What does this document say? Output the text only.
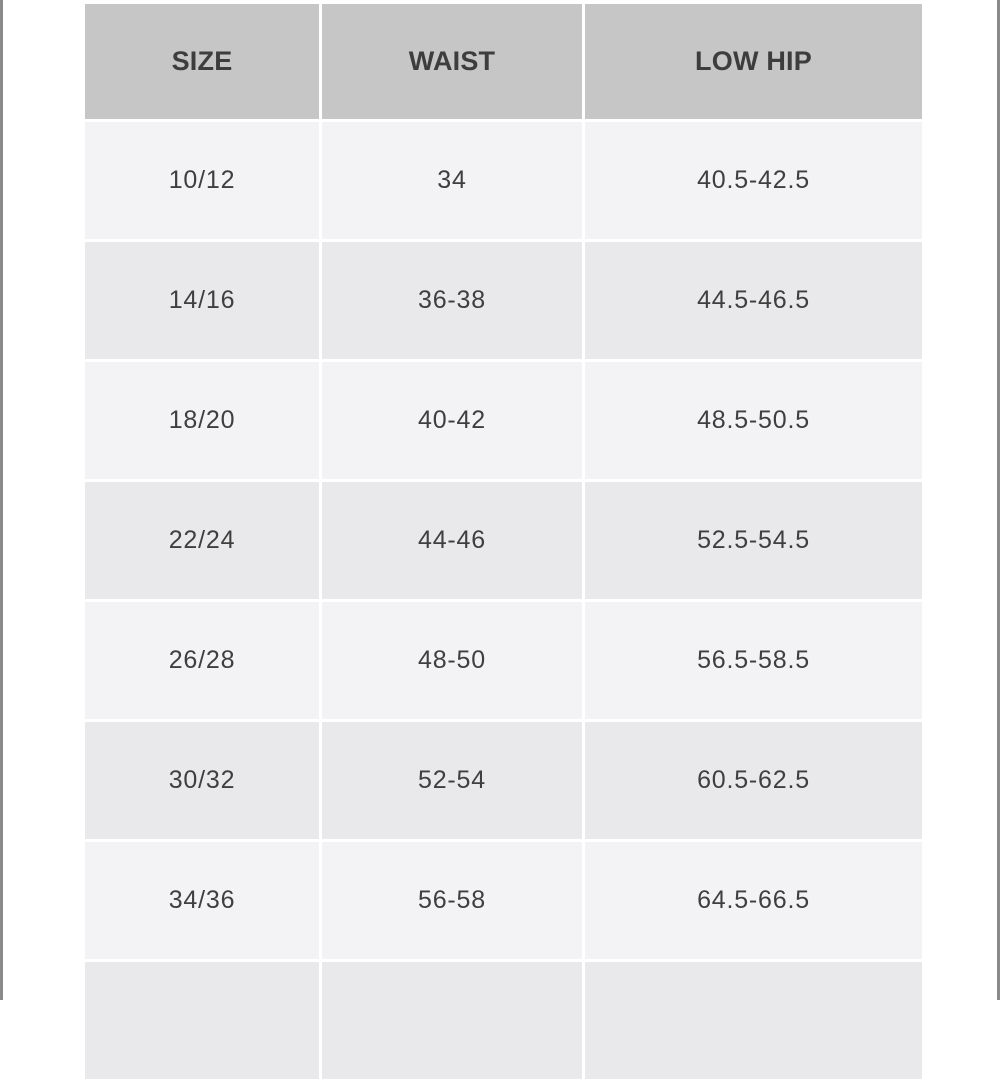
SIZE	WAIST	LOW HIP
10/12	34	40.5-42.5
14/16	36-38	44.5-46.5
18/20	40-42	48.5-50.5
22/24	44-46	52.5-54.5
26/28	48-50	56.5-58.5
30/32	52-54	60.5-62.5
34/36	56-58	64.5-66.5
